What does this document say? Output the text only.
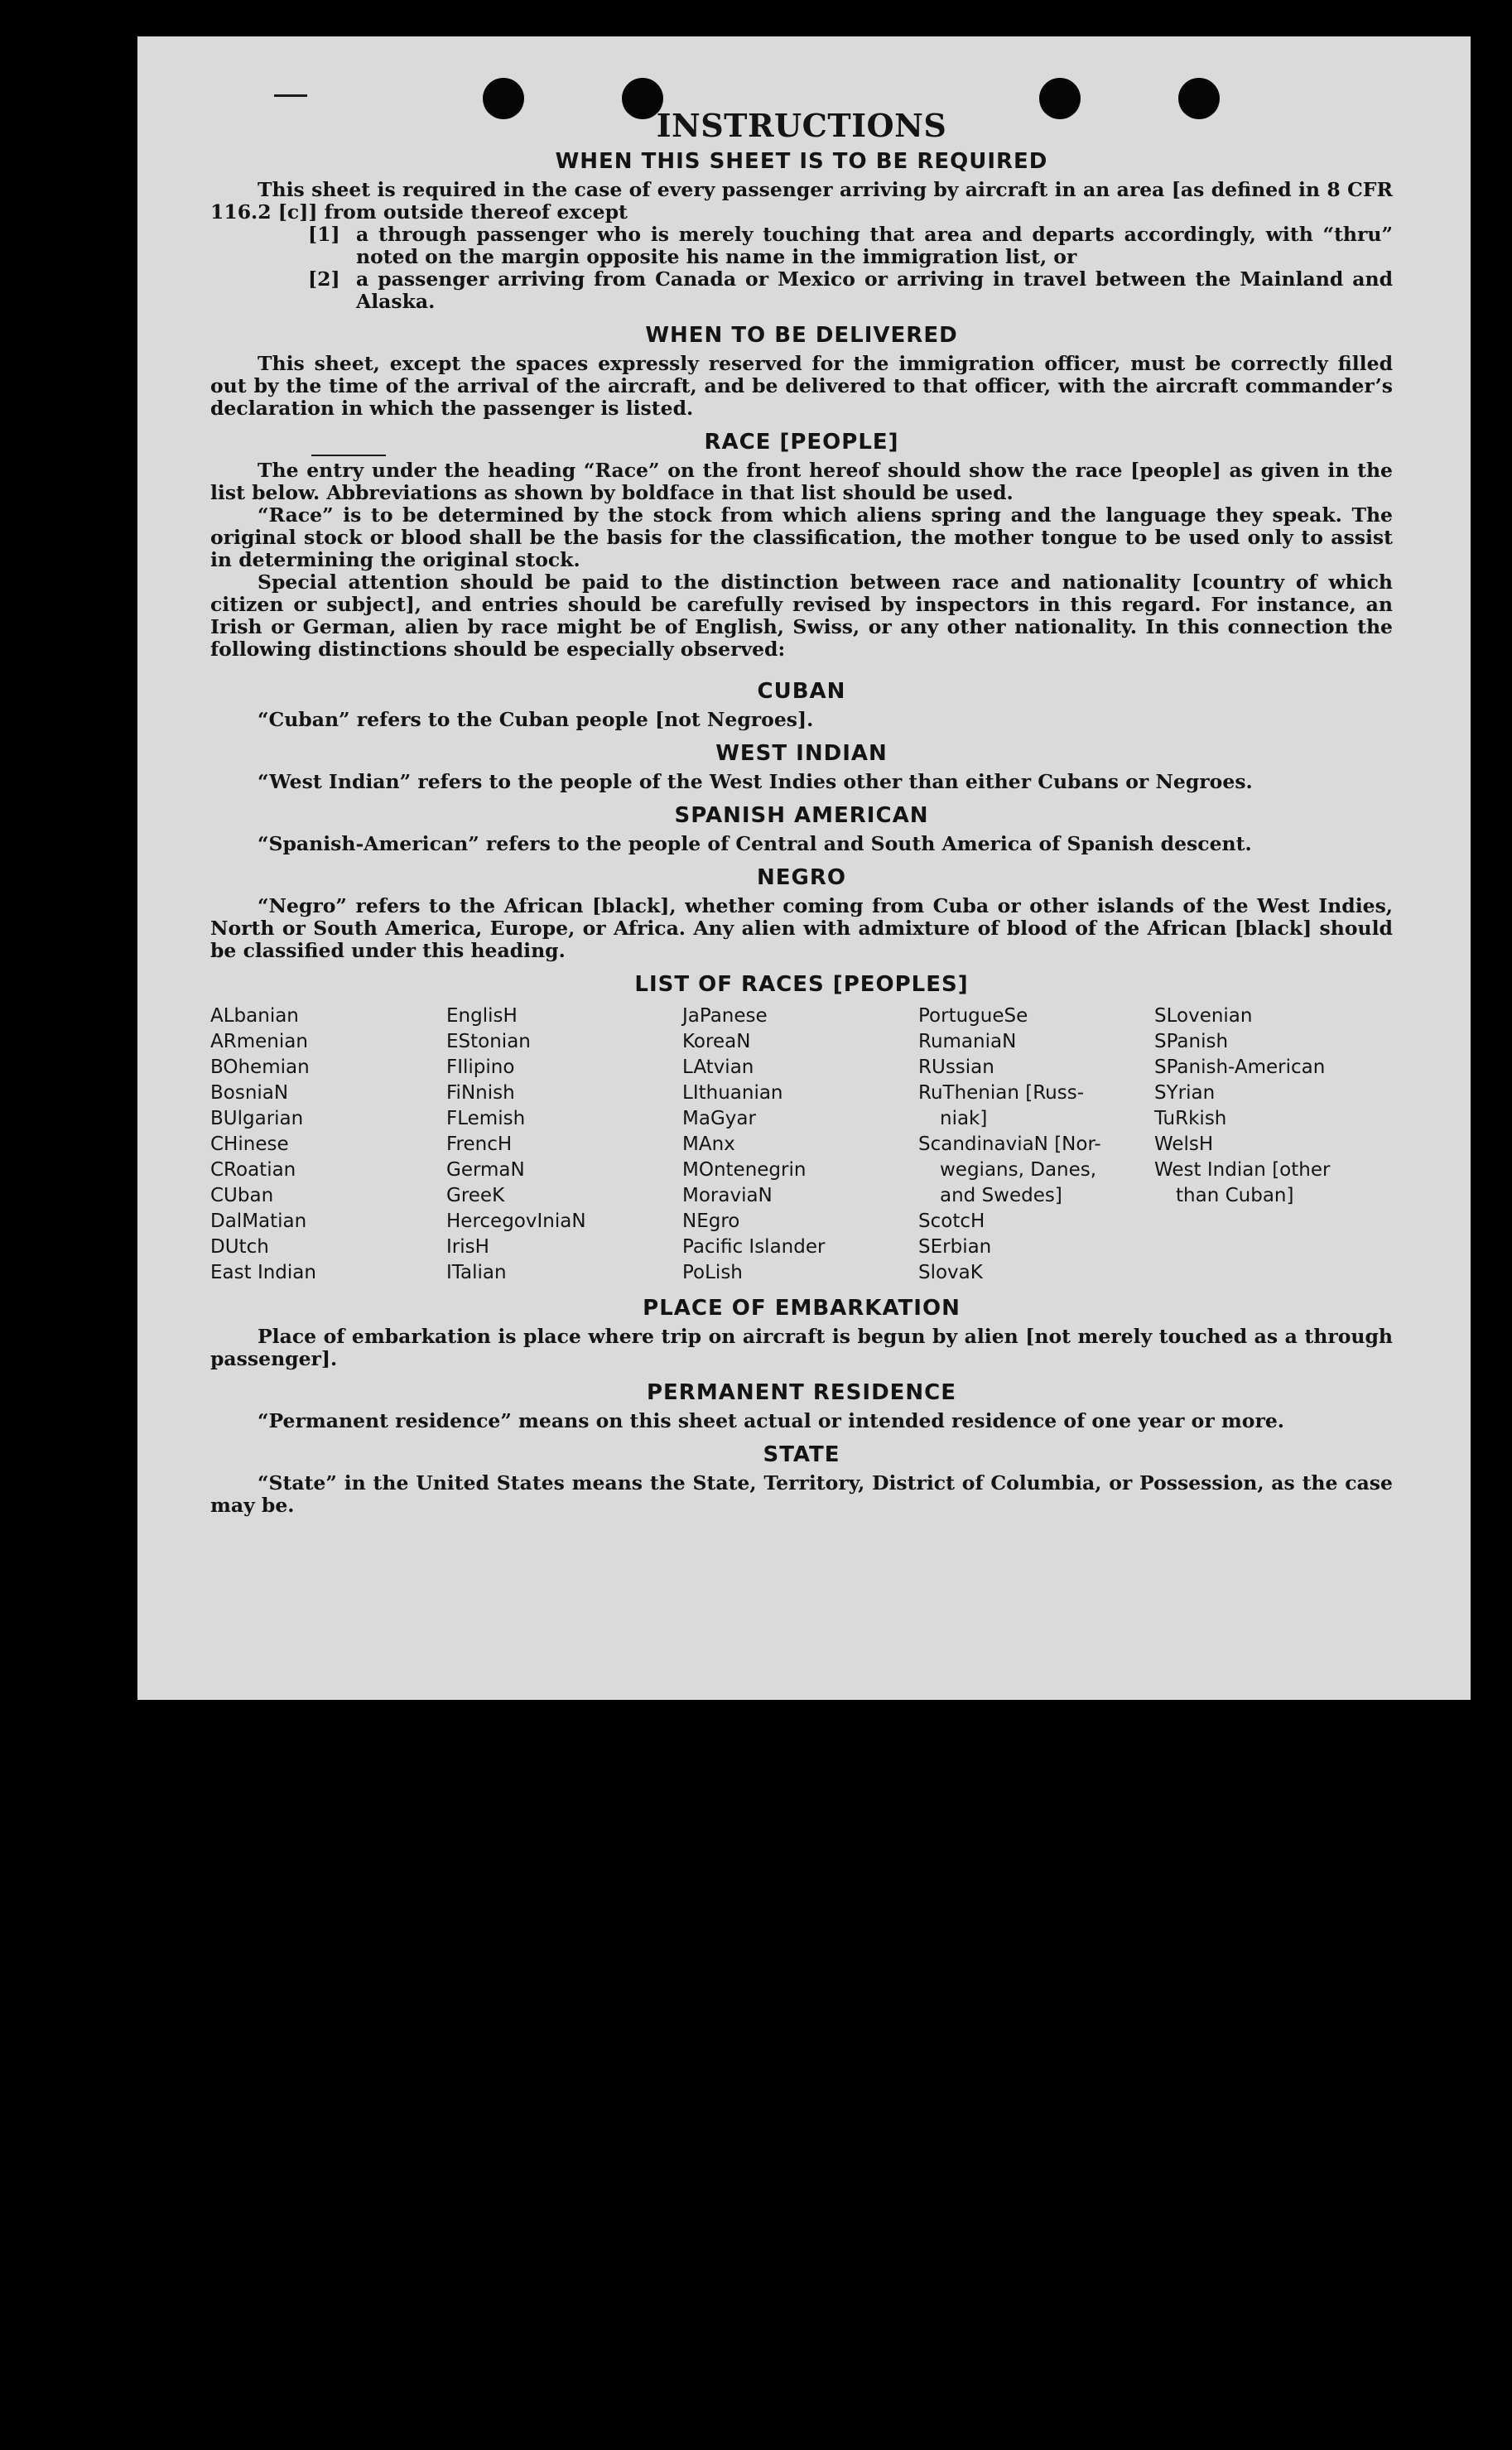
INSTRUCTIONS
WHEN THIS SHEET IS TO BE REQUIRED

This sheet is required in the case of every passenger arriving by aircraft in an area [as defined in 8 CFR 116.2 [c]] from outside thereof except

[1] a through passenger who is merely touching that area and departs accordingly, with “thru” noted on the margin opposite his name in the immigration list, or
[2] a passenger arriving from Canada or Mexico or arriving in travel between the Mainland and Alaska.
WHEN TO BE DELIVERED

This sheet, except the spaces expressly reserved for the immigration officer, must be correctly filled out by the time of the arrival of the aircraft, and be delivered to that officer, with the aircraft commander’s declaration in which the passenger is listed.

RACE [PEOPLE]

The entry under the heading “Race” on the front hereof should show the race [people] as given in the list below. Abbreviations as shown by boldface in that list should be used.

“Race” is to be determined by the stock from which aliens spring and the language they speak. The original stock or blood shall be the basis for the classification, the mother tongue to be used only to assist in determining the original stock.

Special attention should be paid to the distinction between race and nationality [country of which citizen or subject], and entries should be carefully revised by inspectors in this regard. For instance, an Irish or German, alien by race might be of English, Swiss, or any other nationality. In this connection the following distinctions should be especially observed:

CUBAN

“Cuban” refers to the Cuban people [not Negroes].

WEST INDIAN

“West Indian” refers to the people of the West Indies other than either Cubans or Negroes.

SPANISH AMERICAN

“Spanish-American” refers to the people of Central and South America of Spanish descent.

NEGRO

“Negro” refers to the African [black], whether coming from Cuba or other islands of the West Indies, North or South America, Europe, or Africa. Any alien with admixture of blood of the African [black] should be classified under this heading.

LIST OF RACES [PEOPLES]
ALbanian
ARmenian
BOhemian
BosniaN
BUlgarian
CHinese
CRoatian
CUban
DalMatian
DUtch
East Indian
EnglisH
EStonian
FIlipino
FiNnish
FLemish
FrencH
GermaN
GreeK
HercegovIniaN
IrisH
ITalian
JaPanese
KoreaN
LAtvian
LIthuanian
MaGyar
MAnx
MOntenegrin
MoraviaN
NEgro
Pacific Islander
PoLish
PortugueSe
RumaniaN
RUssian
RuThenian [Russ-
niak]
ScandinaviaN [Nor-
wegians, Danes,
and Swedes]
ScotcH
SErbian
SlovaK
SLovenian
SPanish
SPanish-American
SYrian
TuRkish
WelsH
West Indian [other
than Cuban]
PLACE OF EMBARKATION

Place of embarkation is place where trip on aircraft is begun by alien [not merely touched as a through passenger].

PERMANENT RESIDENCE

“Permanent residence” means on this sheet actual or intended residence of one year or more.

STATE

“State” in the United States means the State, Territory, District of Columbia, or Possession, as the case may be.
